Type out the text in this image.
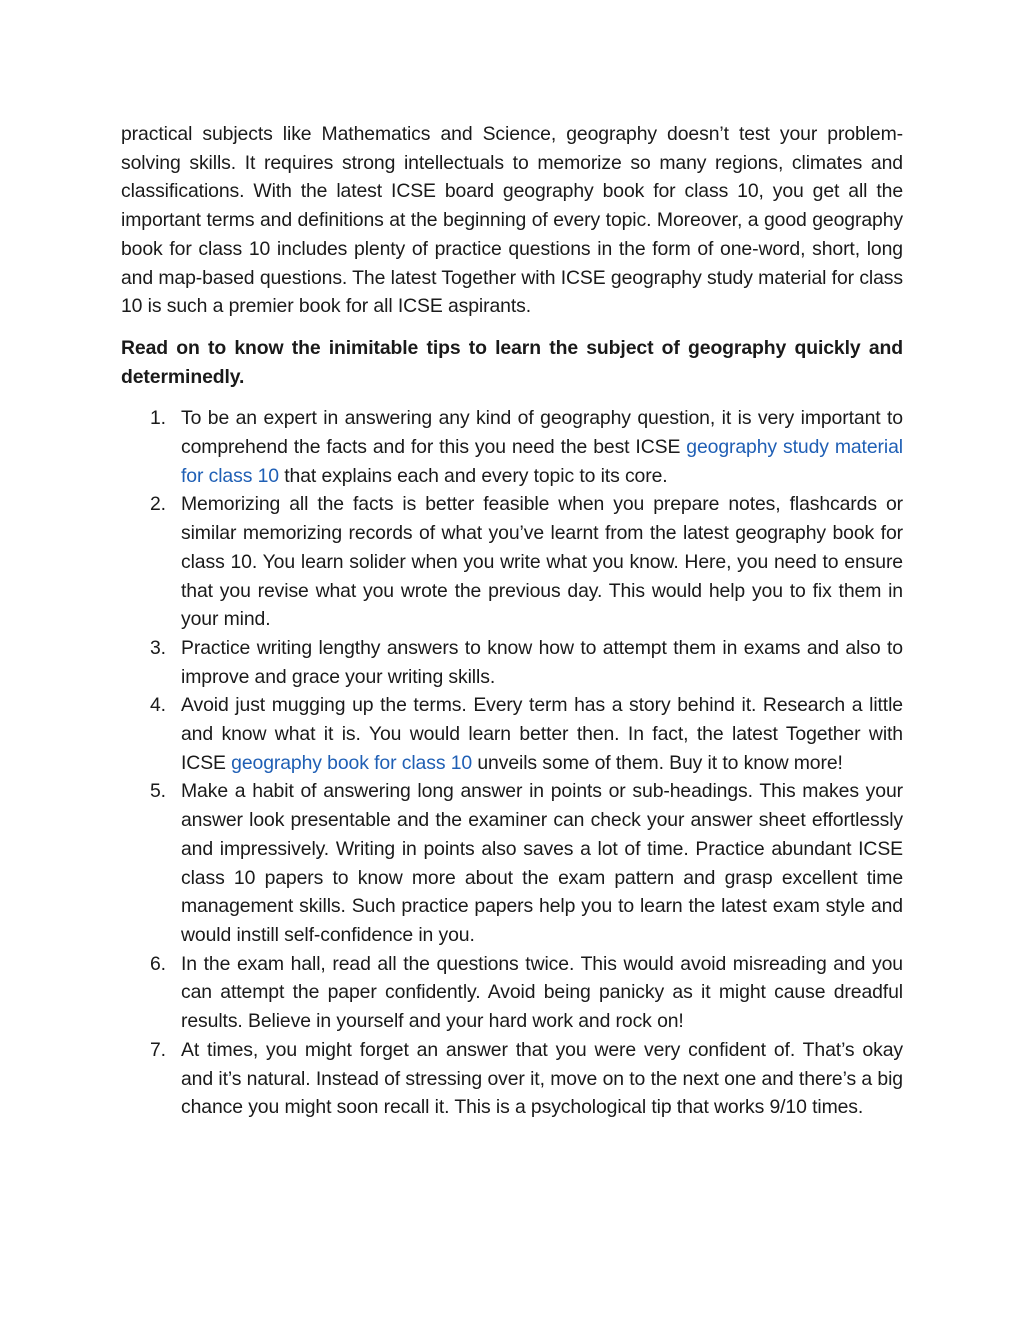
practical subjects like Mathematics and Science, geography doesn’t test your problem-solving skills. It requires strong intellectuals to memorize so many regions, climates and classifications. With the latest ICSE board geography book for class 10, you get all the important terms and definitions at the beginning of every topic. Moreover, a good geography book for class 10 includes plenty of practice questions in the form of one-word, short, long and map-based questions. The latest Together with ICSE geography study material for class 10 is such a premier book for all ICSE aspirants.

Read on to know the inimitable tips to learn the subject of geography quickly and determinedly.

1. To be an expert in answering any kind of geography question, it is very important to comprehend the facts and for this you need the best ICSE geography study material for class 10 that explains each and every topic to its core.
2. Memorizing all the facts is better feasible when you prepare notes, flashcards or similar memorizing records of what you’ve learnt from the latest geography book for class 10. You learn solider when you write what you know. Here, you need to ensure that you revise what you wrote the previous day. This would help you to fix them in your mind.
3. Practice writing lengthy answers to know how to attempt them in exams and also to improve and grace your writing skills.
4. Avoid just mugging up the terms. Every term has a story behind it. Research a little and know what it is. You would learn better then. In fact, the latest Together with ICSE geography book for class 10 unveils some of them. Buy it to know more!
5. Make a habit of answering long answer in points or sub-headings. This makes your answer look presentable and the examiner can check your answer sheet effortlessly and impressively. Writing in points also saves a lot of time. Practice abundant ICSE class 10 papers to know more about the exam pattern and grasp excellent time management skills. Such practice papers help you to learn the latest exam style and would instill self-confidence in you.
6. In the exam hall, read all the questions twice. This would avoid misreading and you can attempt the paper confidently. Avoid being panicky as it might cause dreadful results. Believe in yourself and your hard work and rock on!
7. At times, you might forget an answer that you were very confident of. That’s okay and it’s natural. Instead of stressing over it, move on to the next one and there’s a big chance you might soon recall it. This is a psychological tip that works 9/10 times.
